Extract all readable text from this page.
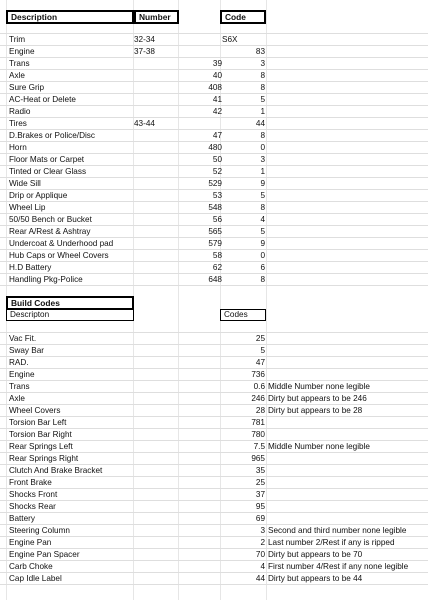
Description	Number	Code
Trim	32-34	S6X
Engine	37-38	83
Trans	39	3
Axle	40	8
Sure Grip	408	8
AC-Heat or Delete	41	5
Radio	42	1
Tires	43-44	44
D.Brakes or Police/Disc	47	8
Horn	480	0
Floor Mats or Carpet	50	3
Tinted or Clear Glass	52	1
Wide Sill	529	9
Drip or Applique	53	5
Wheel Lip	548	8
50/50 Bench or Bucket	56	4
Rear A/Rest & Ashtray	565	5
Undercoat & Underhood pad	579	9
Hub Caps or Wheel Covers	58	0
H.D Battery	62	6
Handling Pkg-Police	648	8
Build Codes
Descripton	Codes
Vac Fit.	25
Sway Bar	5
RAD.	47
Engine	736
Trans	0.6 Middle Number none legible
Axle	246 Dirty but appears to be 246
Wheel Covers	28 Dirty but appears to be 28
Torsion Bar Left	781
Torsion Bar Right	780
Rear Springs Left	7.5 Middle Number none legible
Rear Springs Right	965
Clutch And Brake Bracket	35
Front Brake	25
Shocks Front	37
Shocks Rear	95
Battery	69
Steering Column	3 Second and third number none legible
Engine Pan	2 Last number 2/Rest if any is ripped
Engine Pan Spacer	70 Dirty but appears to be 70
Carb Choke	4 First number 4/Rest if any none legible
Cap Idle Label	44 Dirty but appears to be 44
